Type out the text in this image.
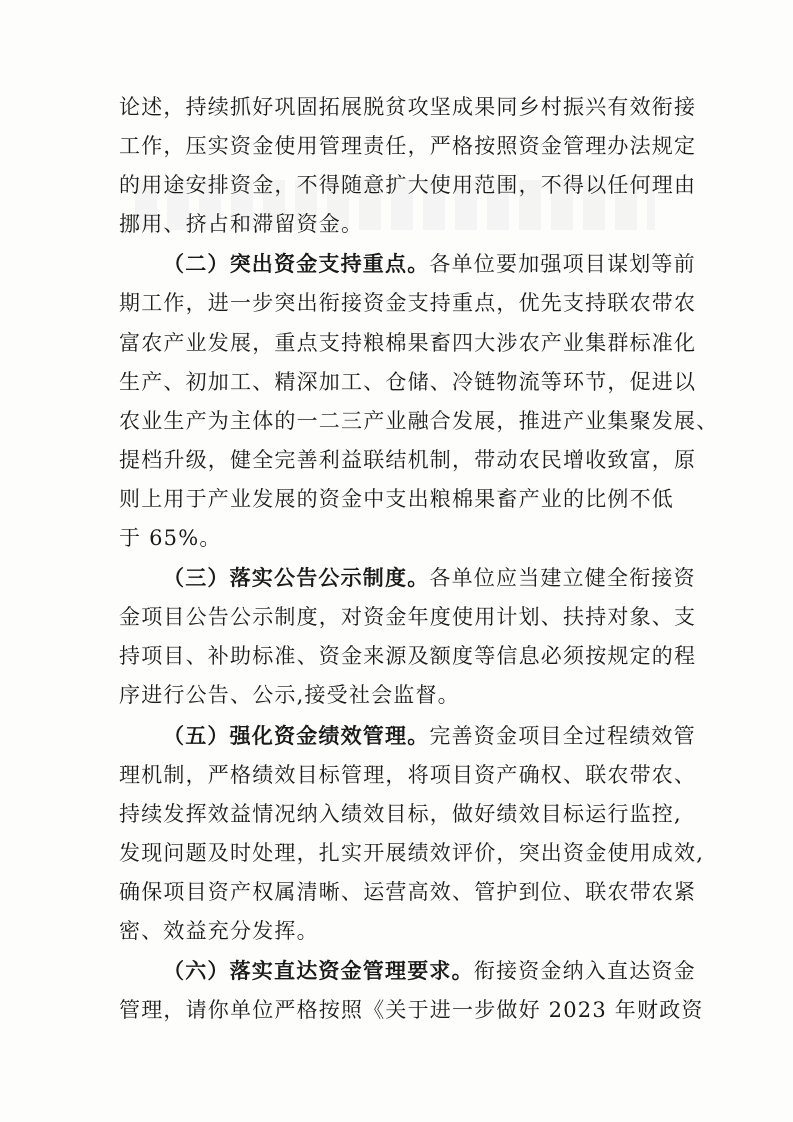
论述，持续抓好巩固拓展脱贫攻坚成果同乡村振兴有效衔接

工作，压实资金使用管理责任，严格按照资金管理办法规定

的用途安排资金，不得随意扩大使用范围，不得以任何理由

挪用、挤占和滞留资金。

（二）突出资金支持重点。各单位要加强项目谋划等前

期工作，进一步突出衔接资金支持重点，优先支持联农带农

富农产业发展，重点支持粮棉果畜四大涉农产业集群标准化

生产、初加工、精深加工、仓储、冷链物流等环节，促进以

农业生产为主体的一二三产业融合发展，推进产业集聚发展、

提档升级，健全完善利益联结机制，带动农民增收致富，原

则上用于产业发展的资金中支出粮棉果畜产业的比例不低

于 65%。

（三）落实公告公示制度。各单位应当建立健全衔接资

金项目公告公示制度，对资金年度使用计划、扶持对象、支

持项目、补助标准、资金来源及额度等信息必须按规定的程

序进行公告、公示,接受社会监督。

（五）强化资金绩效管理。完善资金项目全过程绩效管

理机制，严格绩效目标管理，将项目资产确权、联农带农、

持续发挥效益情况纳入绩效目标，做好绩效目标运行监控,

发现问题及时处理，扎实开展绩效评价，突出资金使用成效,

确保项目资产权属清晰、运营高效、管护到位、联农带农紧

密、效益充分发挥。

（六）落实直达资金管理要求。衔接资金纳入直达资金

管理，请你单位严格按照《关于进一步做好 2023 年财政资
